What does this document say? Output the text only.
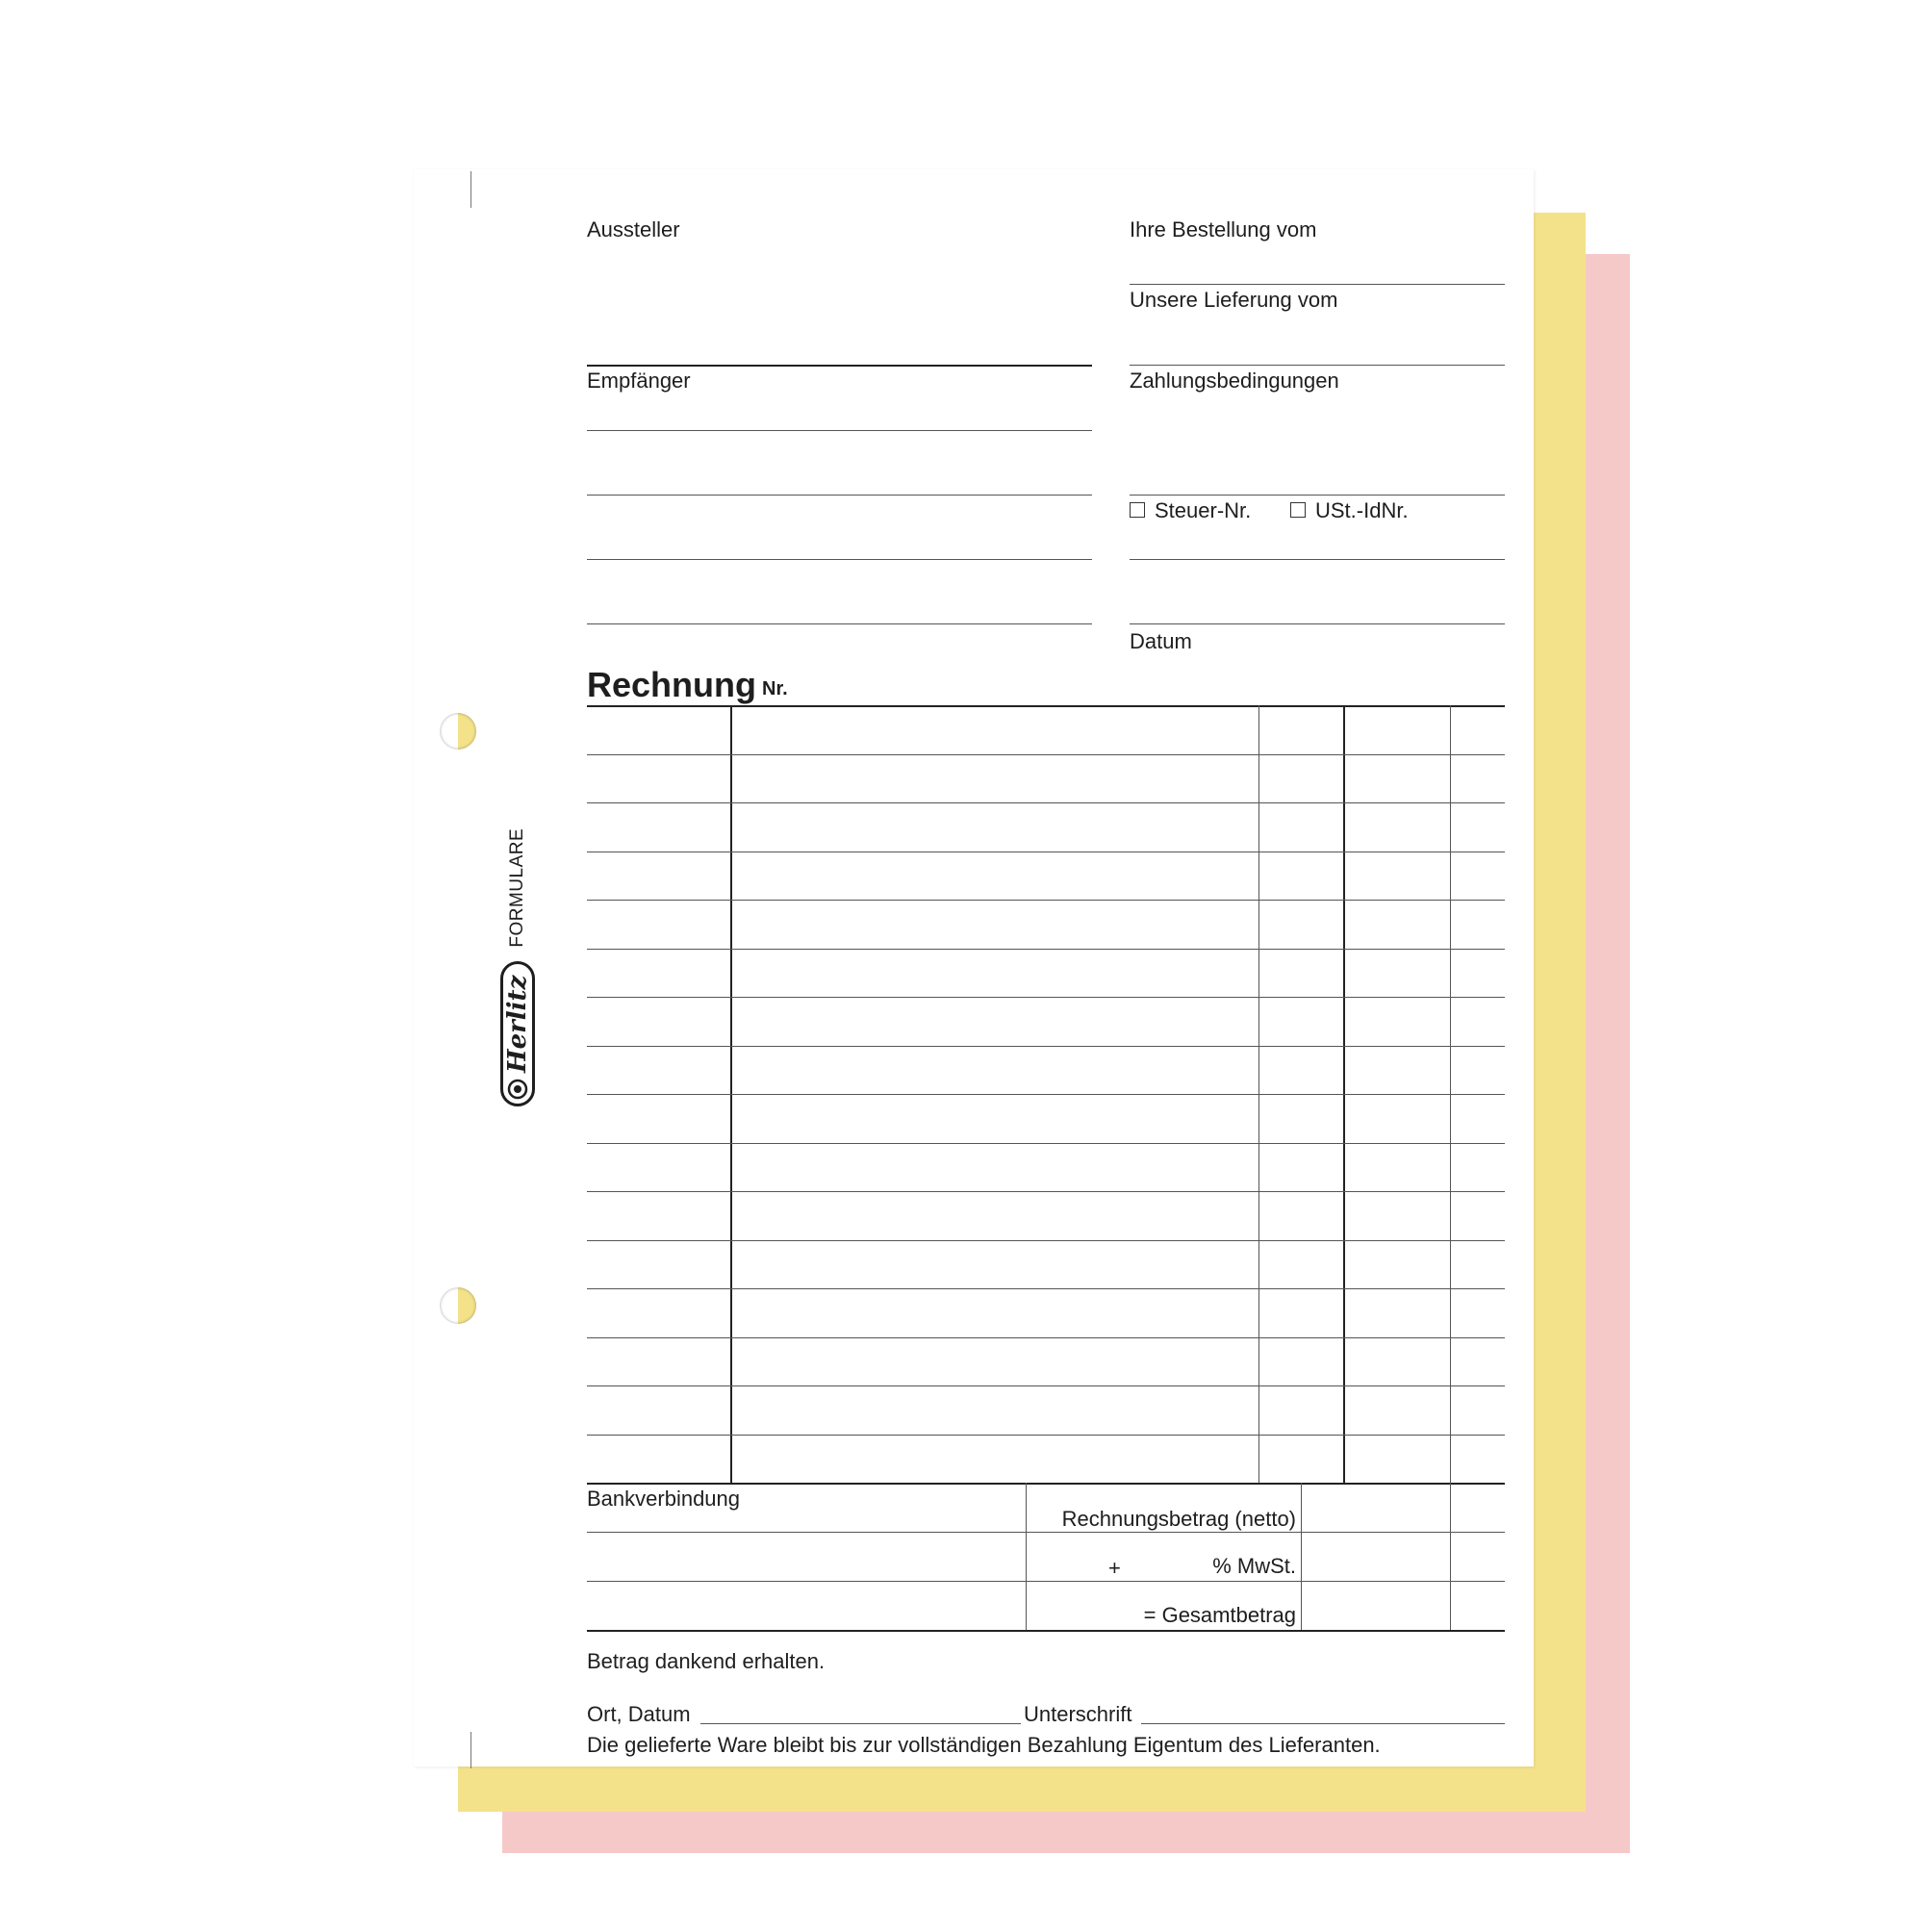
Herlitz
FORMULARE
Aussteller
Empfänger
Ihre Bestellung vom
Unsere Lieferung vom
Zahlungsbedingungen
Steuer-Nr.	USt.-IdNr.
Datum
Rechnung Nr.
Bankverbindung
Rechnungsbetrag (netto)
+	% MwSt.
= Gesamtbetrag
Betrag dankend erhalten.
Ort, Datum	Unterschrift
Die gelieferte Ware bleibt bis zur vollständigen Bezahlung Eigentum des Lieferanten.
